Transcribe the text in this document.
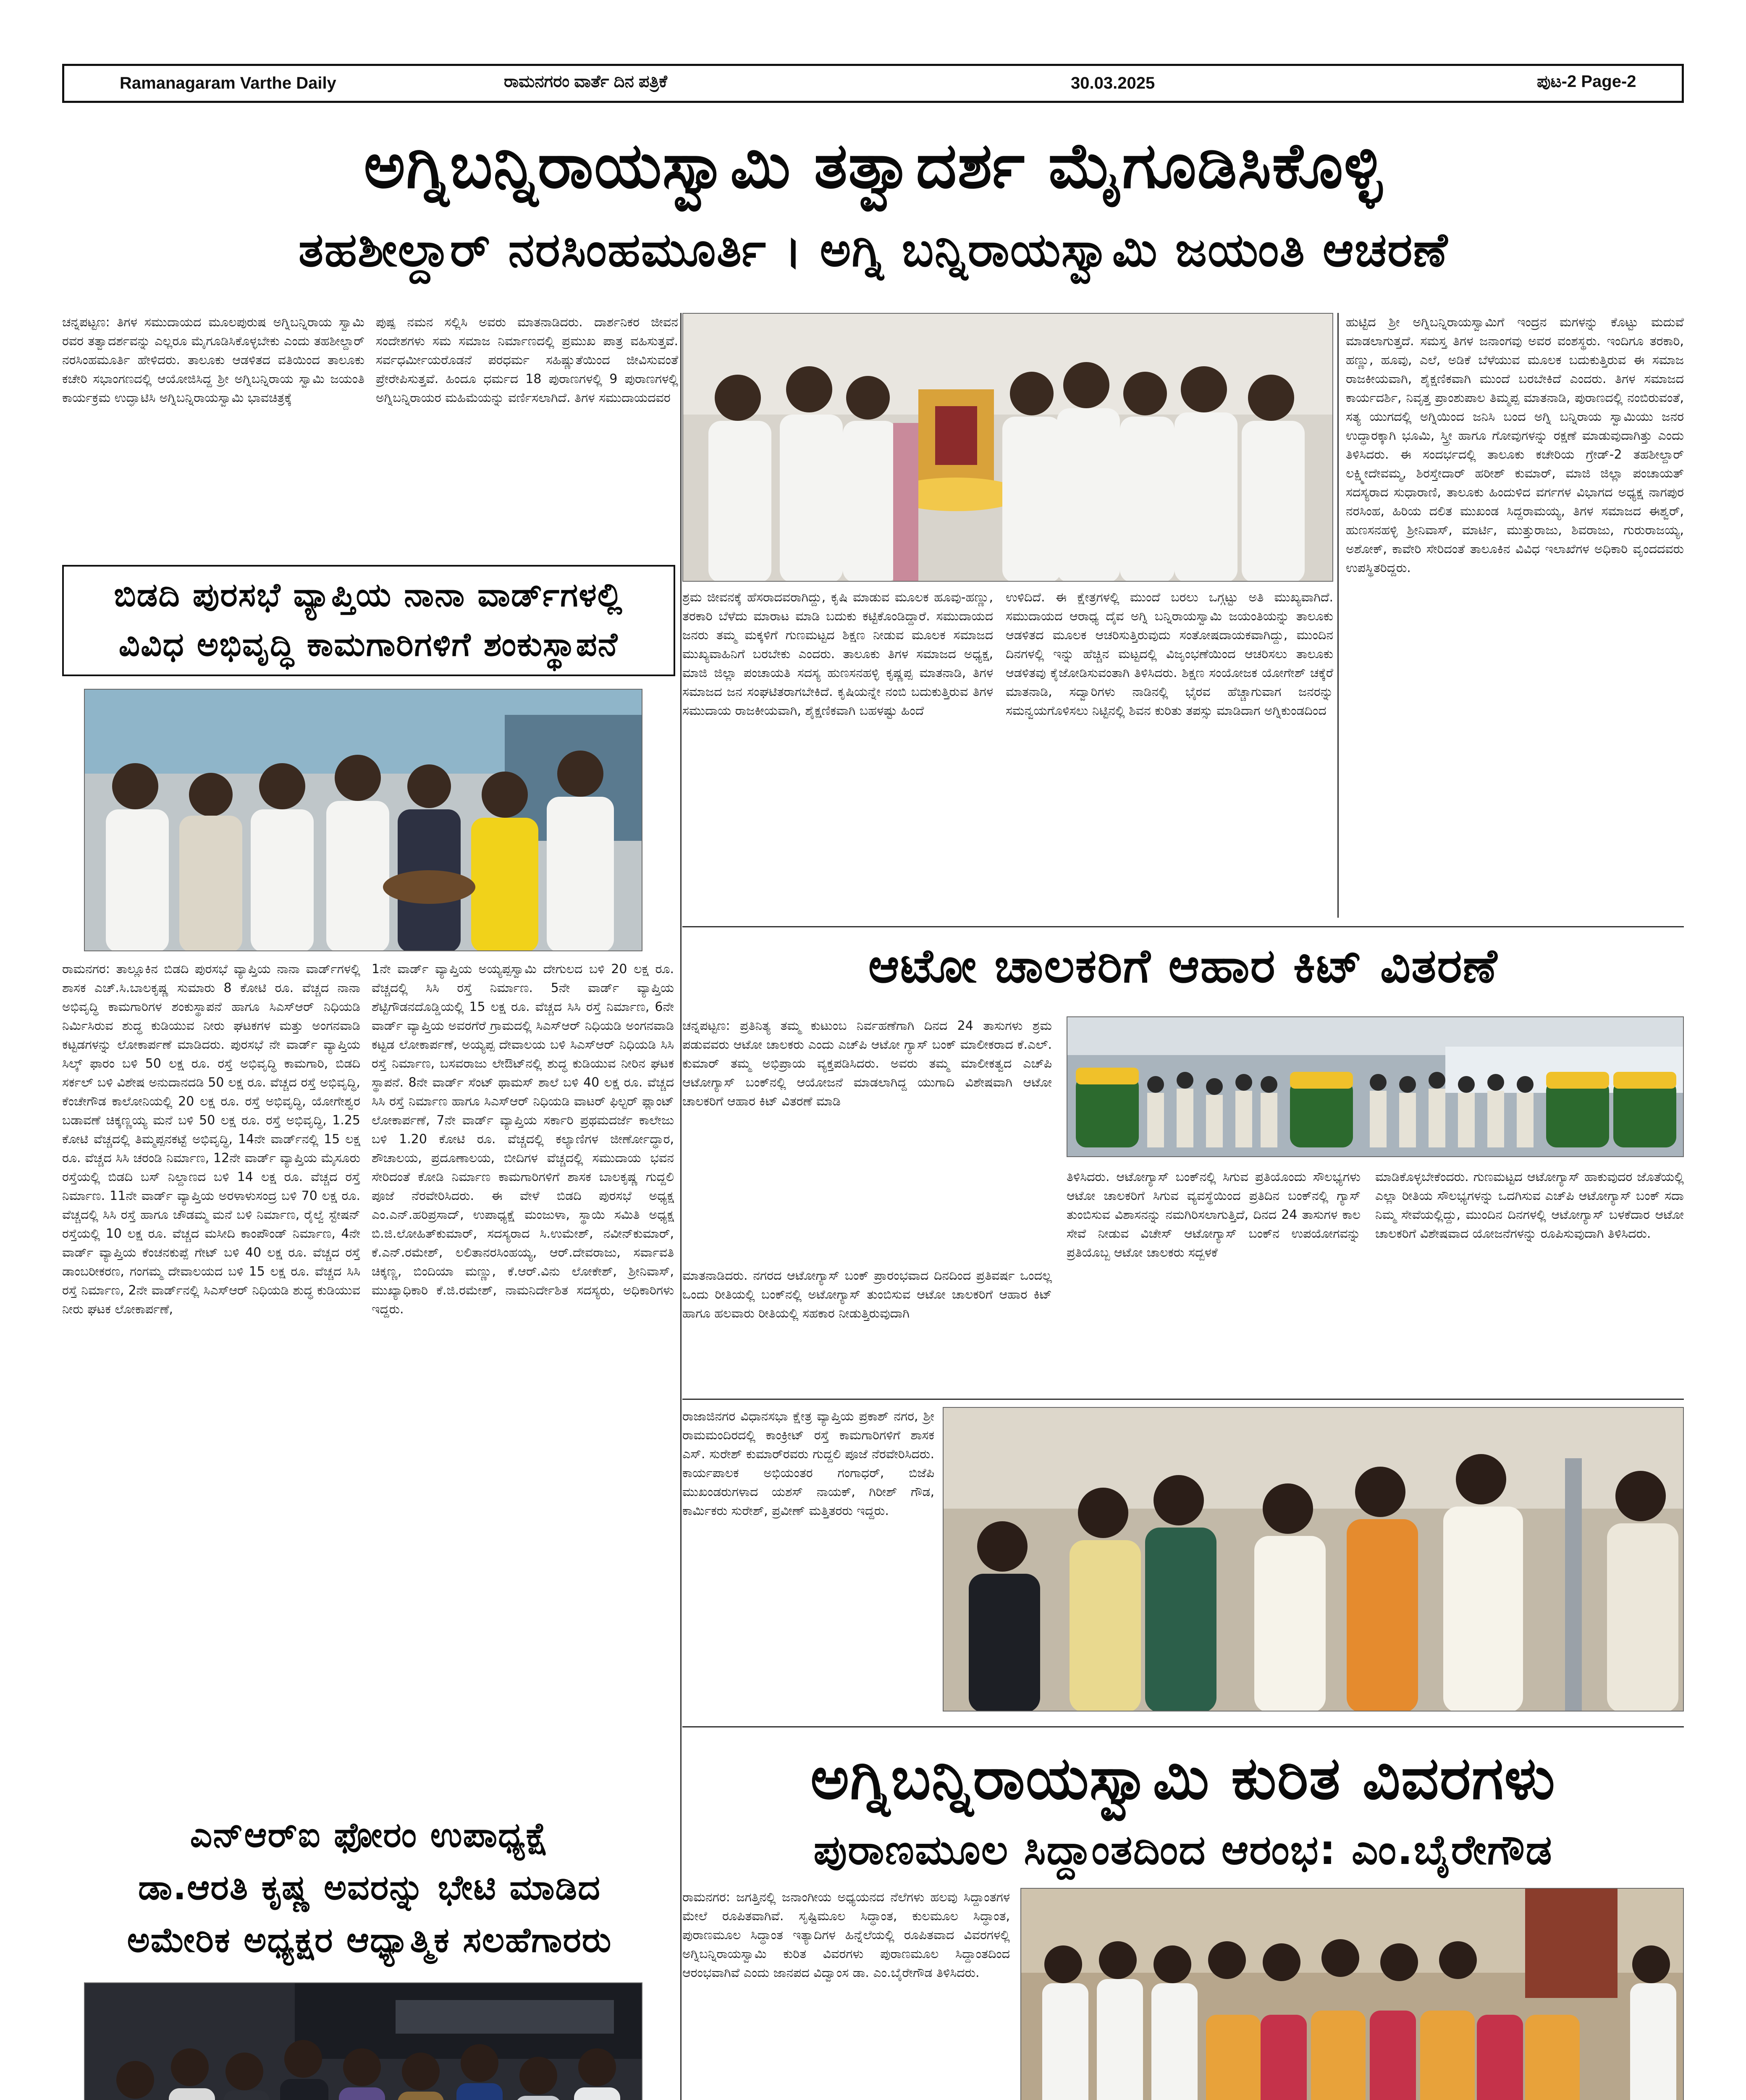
Ramanagaram Varthe Daily	ರಾಮನಗರಂ ವಾರ್ತೆ ದಿನ ಪತ್ರಿಕೆ	30.03.2025	ಪುಟ-2 Page-2
ಅಗ್ನಿಬನ್ನಿರಾಯಸ್ವಾಮಿ ತತ್ವಾದರ್ಶ ಮೈಗೂಡಿಸಿಕೊಳ್ಳಿ
ತಹಶೀಲ್ದಾರ್ ನರಸಿಂಹಮೂರ್ತಿ । ಅಗ್ನಿ ಬನ್ನಿರಾಯಸ್ವಾಮಿ ಜಯಂತಿ ಆಚರಣೆ
ಚನ್ನಪಟ್ಟಣ: ತಿಗಳ ಸಮುದಾಯದ ಮೂಲಪುರುಷ ಅಗ್ನಿಬನ್ನಿರಾಯ ಸ್ವಾಮಿ ರವರ ತತ್ವಾದರ್ಶವನ್ನು ಎಲ್ಲರೂ ಮೈಗೂಡಿಸಿಕೊಳ್ಳಬೇಕು ಎಂದು ತಹಶೀಲ್ದಾರ್ ನರಸಿಂಹಮೂರ್ತಿ ಹೇಳಿದರು. ತಾಲೂಕು ಆಡಳಿತದ ವತಿಯಿಂದ ತಾಲೂಕು ಕಚೇರಿ ಸಭಾಂಗಣದಲ್ಲಿ ಆಯೋಜಿಸಿದ್ದ ಶ್ರೀ ಅಗ್ನಿಬನ್ನಿರಾಯ ಸ್ವಾಮಿ ಜಯಂತಿ ಕಾರ್ಯಕ್ರಮ ಉದ್ಘಾಟಿಸಿ ಅಗ್ನಿಬನ್ನಿರಾಯಸ್ವಾಮಿ ಭಾವಚಿತ್ರಕ್ಕೆ
ಪುಷ್ಪ ನಮನ ಸಲ್ಲಿಸಿ ಅವರು ಮಾತನಾಡಿದರು. ದಾರ್ಶನಿಕರ ಜೀವನ ಸಂದೇಶಗಳು ಸಮ ಸಮಾಜ ನಿರ್ಮಾಣದಲ್ಲಿ ಪ್ರಮುಖ ಪಾತ್ರ ವಹಿಸುತ್ತವೆ. ಸರ್ವಧರ್ಮೀಯರೊಡನೆ ಪರಧರ್ಮ ಸಹಿಷ್ಣುತೆಯಿಂದ ಜೀವಿಸುವಂತೆ ಪ್ರೇರೇಪಿಸುತ್ತವೆ. ಹಿಂದೂ ಧರ್ಮದ 18 ಪುರಾಣಗಳಲ್ಲಿ 9 ಪುರಾಣಗಳಲ್ಲಿ ಅಗ್ನಿಬನ್ನಿರಾಯರ ಮಹಿಮೆಯನ್ನು ವರ್ಣಿಸಲಾಗಿದೆ. ತಿಗಳ ಸಮುದಾಯದವರ
ಶ್ರಮ ಜೀವನಕ್ಕೆ ಹೆಸರಾದವರಾಗಿದ್ದು, ಕೃಷಿ ಮಾಡುವ ಮೂಲಕ ಹೂವು-ಹಣ್ಣು, ತರಕಾರಿ ಬೆಳೆದು ಮಾರಾಟ ಮಾಡಿ ಬದುಕು ಕಟ್ಟಿಕೊಂಡಿದ್ದಾರೆ. ಸಮುದಾಯದ ಜನರು ತಮ್ಮ ಮಕ್ಕಳಿಗೆ ಗುಣಮಟ್ಟದ ಶಿಕ್ಷಣ ನೀಡುವ ಮೂಲಕ ಸಮಾಜದ ಮುಖ್ಯವಾಹಿನಿಗೆ ಬರಬೇಕು ಎಂದರು. ತಾಲೂಕು ತಿಗಳ ಸಮಾಜದ ಅಧ್ಯಕ್ಷ, ಮಾಜಿ ಜಿಲ್ಲಾ ಪಂಚಾಯತಿ ಸದಸ್ಯ ಹುಣಸನಹಳ್ಳಿ ಕೃಷ್ಣಪ್ಪ ಮಾತನಾಡಿ, ತಿಗಳ ಸಮಾಜದ ಜನ ಸಂಘಟಿತರಾಗಬೇಕಿದೆ. ಕೃಷಿಯನ್ನೇ ನಂಬಿ ಬದುಕುತ್ತಿರುವ ತಿಗಳ ಸಮುದಾಯ ರಾಜಕೀಯವಾಗಿ, ಶೈಕ್ಷಣಿಕವಾಗಿ ಬಹಳಷ್ಟು ಹಿಂದೆ
ಉಳಿದಿದೆ. ಈ ಕ್ಷೇತ್ರಗಳಲ್ಲಿ ಮುಂದೆ ಬರಲು ಒಗ್ಗಟ್ಟು ಅತಿ ಮುಖ್ಯವಾಗಿದೆ. ಸಮುದಾಯದ ಆರಾಧ್ಯ ದೈವ ಅಗ್ನಿ ಬನ್ನಿರಾಯಸ್ವಾಮಿ ಜಯಂತಿಯನ್ನು ತಾಲೂಕು ಆಡಳಿತದ ಮೂಲಕ ಆಚರಿಸುತ್ತಿರುವುದು ಸಂತೋಷದಾಯಕವಾಗಿದ್ದು, ಮುಂದಿನ ದಿನಗಳಲ್ಲಿ ಇನ್ನು ಹೆಚ್ಚಿನ ಮಟ್ಟದಲ್ಲಿ ವಿಜೃಂಭಣೆಯಿಂದ ಆಚರಿಸಲು ತಾಲೂಕು ಆಡಳಿತವು ಕೈಜೋಡಿಸುವಂತಾಗಿ ತಿಳಿಸಿದರು. ಶಿಕ್ಷಣ ಸಂಯೋಜಕ ಯೋಗೇಶ್ ಚಕ್ಕೆರೆ ಮಾತನಾಡಿ, ಸದ್ವಾರಿಗಳು ನಾಡಿನಲ್ಲಿ ಭೈರವ ಹೆಚ್ಚಾಗುವಾಗ ಜನರನ್ನು ಸಮನ್ವಯಗೊಳಿಸಲು ನಿಟ್ಟಿನಲ್ಲಿ ಶಿವನ ಕುರಿತು ತಪಸ್ಸು ಮಾಡಿದಾಗ ಅಗ್ನಿಕುಂಡದಿಂದ
ಹುಟ್ಟಿದ ಶ್ರೀ ಅಗ್ನಿಬನ್ನಿರಾಯಸ್ವಾಮಿಗೆ ಇಂದ್ರನ ಮಗಳನ್ನು ಕೊಟ್ಟು ಮದುವೆ ಮಾಡಲಾಗುತ್ತದೆ. ಸಮಸ್ತ ತಿಗಳ ಜನಾಂಗವು ಅವರ ವಂಶಸ್ಥರು. ಇಂದಿಗೂ ತರಕಾರಿ, ಹಣ್ಣು, ಹೂವು, ಎಲೆ, ಅಡಿಕೆ ಬೆಳೆಯುವ ಮೂಲಕ ಬದುಕುತ್ತಿರುವ ಈ ಸಮಾಜ ರಾಜಕೀಯವಾಗಿ, ಶೈಕ್ಷಣಿಕವಾಗಿ ಮುಂದೆ ಬರಬೇಕಿದೆ ಎಂದರು. ತಿಗಳ ಸಮಾಜದ ಕಾರ್ಯದರ್ಶಿ, ನಿವೃತ್ತ ಪ್ರಾಂಶುಪಾಲ ತಿಮ್ಮಪ್ಪ ಮಾತನಾಡಿ, ಪುರಾಣದಲ್ಲಿ ನಂಬಿರುವಂತೆ, ಸತ್ಯ ಯುಗದಲ್ಲಿ ಅಗ್ನಿಯಿಂದ ಜನಿಸಿ ಬಂದ ಅಗ್ನಿ ಬನ್ನಿರಾಯ ಸ್ವಾಮಿಯು ಜನರ ಉದ್ಧಾರಕ್ಕಾಗಿ ಭೂಮಿ, ಸ್ತ್ರೀ ಹಾಗೂ ಗೋವುಗಳನ್ನು ರಕ್ಷಣೆ ಮಾಡುವುದಾಗಿತ್ತು ಎಂದು ತಿಳಿಸಿದರು. ಈ ಸಂದರ್ಭದಲ್ಲಿ ತಾಲೂಕು ಕಚೇರಿಯ ಗ್ರೇಡ್-2 ತಹಶೀಲ್ದಾರ್ ಲಕ್ಷ್ಮೀದೇವಮ್ಮ, ಶಿರಸ್ತೇದಾರ್ ಹರೀಶ್ ಕುಮಾರ್, ಮಾಜಿ ಜಿಲ್ಲಾ ಪಂಚಾಯತ್ ಸದಸ್ಯರಾದ ಸುಧಾರಾಣಿ, ತಾಲೂಕು ಹಿಂದುಳಿದ ವರ್ಗಗಳ ವಿಭಾಗದ ಅಧ್ಯಕ್ಷ ನಾಗಪುರ ನರಸಿಂಹ, ಹಿರಿಯ ದಲಿತ ಮುಖಂಡ ಸಿದ್ದರಾಮಯ್ಯ, ತಿಗಳ ಸಮಾಜದ ಈಶ್ವರ್, ಹುಣಸನಹಳ್ಳಿ ಶ್ರೀನಿವಾಸ್, ಮಾರ್ಟಿ, ಮುತ್ತುರಾಜು, ಶಿವರಾಜು, ಗುರುರಾಜಯ್ಯ, ಅಶೋಕ್, ಕಾವೇರಿ ಸೇರಿದಂತೆ ತಾಲೂಕಿನ ವಿವಿಧ ಇಲಾಖೆಗಳ ಅಧಿಕಾರಿ ವೃಂದದವರು ಉಪಸ್ಥಿತರಿದ್ದರು.
ಬಿಡದಿ ಪುರಸಭೆ ವ್ಯಾಪ್ತಿಯ ನಾನಾ ವಾರ್ಡ್‌ಗಳಲ್ಲಿ
ವಿವಿಧ ಅಭಿವೃದ್ಧಿ ಕಾಮಗಾರಿಗಳಿಗೆ ಶಂಕುಸ್ಥಾಪನೆ
ರಾಮನಗರ: ತಾಲ್ಲೂಕಿನ ಬಿಡದಿ ಪುರಸಭೆ ವ್ಯಾಪ್ತಿಯ ನಾನಾ ವಾರ್ಡ್‌ಗಳಲ್ಲಿ ಶಾಸಕ ಎಚ್.ಸಿ.ಬಾಲಕೃಷ್ಣ ಸುಮಾರು 8 ಕೋಟಿ ರೂ. ವೆಚ್ಚದ ನಾನಾ ಅಭಿವೃದ್ಧಿ ಕಾಮಗಾರಿಗಳ ಶಂಕುಸ್ಥಾಪನೆ ಹಾಗೂ ಸಿಎಸ್‌ಆರ್ ನಿಧಿಯಡಿ ನಿರ್ಮಿಸಿರುವ ಶುದ್ಧ ಕುಡಿಯುವ ನೀರು ಘಟಕಗಳ ಮತ್ತು ಅಂಗನವಾಡಿ ಕಟ್ಟಡಗಳನ್ನು ಲೋಕಾರ್ಪಣೆ ಮಾಡಿದರು. ಪುರಸಭೆ ನೇ ವಾರ್ಡ್ ವ್ಯಾಪ್ತಿಯ ಸಿಲ್ಕ್ ಫಾರಂ ಬಳಿ 50 ಲಕ್ಷ ರೂ. ರಸ್ತೆ ಅಭಿವೃದ್ಧಿ ಕಾಮಗಾರಿ, ಬಿಡದಿ ಸರ್ಕಲ್ ಬಳಿ ವಿಶೇಷ ಅನುದಾನದಡಿ 50 ಲಕ್ಷ ರೂ. ವೆಚ್ಚದ ರಸ್ತೆ ಅಭಿವೃದ್ಧಿ, ಕೆಂಚೇಗೌಡ ಕಾಲೋನಿಯಲ್ಲಿ 20 ಲಕ್ಷ ರೂ. ರಸ್ತೆ ಅಭಿವೃದ್ಧಿ, ಯೋಗೇಶ್ವರ ಬಡಾವಣೆ ಚಿಕ್ಕಣ್ಣಯ್ಯ ಮನೆ ಬಳಿ 50 ಲಕ್ಷ ರೂ. ರಸ್ತೆ ಅಭಿವೃದ್ಧಿ, 1.25 ಕೋಟಿ ವೆಚ್ಚದಲ್ಲಿ ತಿಮ್ಮಪ್ಪನಕಟ್ಟೆ ಅಭಿವೃದ್ಧಿ, 14ನೇ ವಾರ್ಡ್‌ನಲ್ಲಿ 15 ಲಕ್ಷ ರೂ. ವೆಚ್ಚದ ಸಿಸಿ ಚರಂಡಿ ನಿರ್ಮಾಣ, 12ನೇ ವಾರ್ಡ್ ವ್ಯಾಪ್ತಿಯ ಮೈಸೂರು ರಸ್ತೆಯಲ್ಲಿ ಬಿಡದಿ ಬಸ್ ನಿಲ್ದಾಣದ ಬಳಿ 14 ಲಕ್ಷ ರೂ. ವೆಚ್ಚದ ರಸ್ತೆ ನಿರ್ಮಾಣ. 11ನೇ ವಾರ್ಡ್ ವ್ಯಾಪ್ತಿಯ ಅರಳಾಳುಸಂದ್ರ ಬಳಿ 70 ಲಕ್ಷ ರೂ. ವೆಚ್ಚದಲ್ಲಿ ಸಿಸಿ ರಸ್ತೆ ಹಾಗೂ ಚೌಡಮ್ಮ ಮನೆ ಬಳಿ ನಿರ್ಮಾಣ, ರೈಲ್ವೆ ಸ್ಟೇಷನ್ ರಸ್ತೆಯಲ್ಲಿ 10 ಲಕ್ಷ ರೂ. ವೆಚ್ಚದ ಮಸೀದಿ ಕಾಂಪೌಂಡ್ ನಿರ್ಮಾಣ, 4ನೇ ವಾರ್ಡ್ ವ್ಯಾಪ್ತಿಯ ಕೆಂಚನಕುಪ್ಪೆ ಗೇಟ್ ಬಳಿ 40 ಲಕ್ಷ ರೂ. ವೆಚ್ಚದ ರಸ್ತೆ ಡಾಂಬರೀಕರಣ, ಗಂಗಮ್ಮ ದೇವಾಲಯದ ಬಳಿ 15 ಲಕ್ಷ ರೂ. ವೆಚ್ಚದ ಸಿಸಿ ರಸ್ತೆ ನಿರ್ಮಾಣ, 2ನೇ ವಾರ್ಡ್‌ನಲ್ಲಿ ಸಿಎಸ್‌ಆರ್ ನಿಧಿಯಡಿ ಶುದ್ಧ ಕುಡಿಯುವ ನೀರು ಘಟಕ ಲೋಕಾರ್ಪಣೆ,
1ನೇ ವಾರ್ಡ್ ವ್ಯಾಪ್ತಿಯ ಅಯ್ಯಪ್ಪಸ್ವಾಮಿ ದೇಗುಲದ ಬಳಿ 20 ಲಕ್ಷ ರೂ. ವೆಚ್ಚದಲ್ಲಿ ಸಿಸಿ ರಸ್ತೆ ನಿರ್ಮಾಣ. 5ನೇ ವಾರ್ಡ್ ವ್ಯಾಪ್ತಿಯ ಶೆಟ್ಟಿಗೌಡನದೊಡ್ಡಿಯಲ್ಲಿ 15 ಲಕ್ಷ ರೂ. ವೆಚ್ಚದ ಸಿಸಿ ರಸ್ತೆ ನಿರ್ಮಾಣ, 6ನೇ ವಾರ್ಡ್ ವ್ಯಾಪ್ತಿಯ ಅವರಗೆರೆ ಗ್ರಾಮದಲ್ಲಿ ಸಿಎಸ್‌ಆರ್ ನಿಧಿಯಡಿ ಅಂಗನವಾಡಿ ಕಟ್ಟಡ ಲೋಕಾರ್ಪಣೆ, ಅಯ್ಯಪ್ಪ ದೇವಾಲಯ ಬಳಿ ಸಿಎಸ್‌ಆರ್ ನಿಧಿಯಡಿ ಸಿಸಿ ರಸ್ತೆ ನಿರ್ಮಾಣ, ಬಸವರಾಜು ಲೇಔಟ್‌ನಲ್ಲಿ ಶುದ್ಧ ಕುಡಿಯುವ ನೀರಿನ ಘಟಕ ಸ್ಥಾಪನೆ. 8ನೇ ವಾರ್ಡ್ ಸೆಂಟ್ ಥಾಮಸ್ ಶಾಲೆ ಬಳಿ 40 ಲಕ್ಷ ರೂ. ವೆಚ್ಚದ ಸಿಸಿ ರಸ್ತೆ ನಿರ್ಮಾಣ ಹಾಗೂ ಸಿಎಸ್‌ಆರ್ ನಿಧಿಯಡಿ ವಾಟರ್ ಫಿಲ್ಟರ್ ಪ್ಲಾಂಟ್ ಲೋಕಾರ್ಪಣೆ, 7ನೇ ವಾರ್ಡ್ ವ್ಯಾಪ್ತಿಯ ಸರ್ಕಾರಿ ಪ್ರಥಮದರ್ಜೆ ಕಾಲೇಜು ಬಳಿ 1.20 ಕೋಟಿ ರೂ. ವೆಚ್ಚದಲ್ಲಿ ಕಲ್ಯಾಣಿಗಳ ಜೀರ್ಣೋದ್ಧಾರ, ಶೌಚಾಲಯ, ಪ್ರದೂಣಾಲಯ, ಬೀದಿಗಳ ವೆಚ್ಚದಲ್ಲಿ ಸಮುದಾಯ ಭವನ ಸೇರಿದಂತೆ ಕೋಡಿ ನಿರ್ಮಾಣ ಕಾಮಗಾರಿಗಳಿಗೆ ಶಾಸಕ ಬಾಲಕೃಷ್ಣ ಗುದ್ದಲಿ ಪೂಜೆ ನೆರವೇರಿಸಿದರು. ಈ ವೇಳೆ ಬಿಡದಿ ಪುರಸಭೆ ಅಧ್ಯಕ್ಷ ಎಂ.ಎನ್.ಹರಿಪ್ರಸಾದ್, ಉಪಾಧ್ಯಕ್ಷೆ ಮಂಜುಳಾ, ಸ್ಥಾಯಿ ಸಮಿತಿ ಅಧ್ಯಕ್ಷ ಬಿ.ಜಿ.ಲೋಹಿತ್‌ಕುಮಾರ್, ಸದಸ್ಯರಾದ ಸಿ.ಉಮೇಶ್, ನವೀನ್‌ಕುಮಾರ್, ಕೆ.ಎನ್.ರಮೇಶ್, ಲಲಿತಾನರಸಿಂಹಯ್ಯ, ಆರ್.ದೇವರಾಜು, ಸರ್ವಾವತಿ ಚಿಕ್ಕಣ್ಣ, ಬಿಂದಿಯಾ ಮಣ್ಣು, ಕೆ.ಆರ್.ವಿನು ಲೋಕೇಶ್, ಶ್ರೀನಿವಾಸ್, ಮುಖ್ಯಾಧಿಕಾರಿ ಕೆ.ಜಿ.ರಮೇಶ್, ನಾಮನಿರ್ದೇಶಿತ ಸದಸ್ಯರು, ಅಧಿಕಾರಿಗಳು ಇದ್ದರು.
ಎನ್‌ಆರ್‌ಐ ಫೋರಂ ಉಪಾಧ್ಯಕ್ಷೆ
ಡಾ.ಆರತಿ ಕೃಷ್ಣ ಅವರನ್ನು ಭೇಟಿ ಮಾಡಿದ
ಅಮೇರಿಕ ಅಧ್ಯಕ್ಷರ ಆಧ್ಯಾತ್ಮಿಕ ಸಲಹೆಗಾರರು
ಆಟೋ ಚಾಲಕರಿಗೆ ಆಹಾರ ಕಿಟ್ ವಿತರಣೆ
ಚನ್ನಪಟ್ಟಣ: ಪ್ರತಿನಿತ್ಯ ತಮ್ಮ ಕುಟುಂಬ ನಿರ್ವಹಣೆಗಾಗಿ ದಿನದ 24 ತಾಸುಗಳು ಶ್ರಮ ಪಡುವವರು ಆಟೋ ಚಾಲಕರು ಎಂದು ಎಚ್‌ಪಿ ಆಟೋ ಗ್ಯಾಸ್ ಬಂಕ್ ಮಾಲೀಕರಾದ ಕೆ.ಎಲ್. ಕುಮಾರ್ ತಮ್ಮ ಅಭಿಪ್ರಾಯ ವ್ಯಕ್ತಪಡಿಸಿದರು. ಅವರು ತಮ್ಮ ಮಾಲೀಕತ್ವದ ಎಚ್‌ಪಿ ಆಟೋಗ್ಯಾಸ್ ಬಂಕ್‌ನಲ್ಲಿ ಆಯೋಜನೆ ಮಾಡಲಾಗಿದ್ದ ಯುಗಾದಿ ವಿಶೇಷವಾಗಿ ಆಟೋ ಚಾಲಕರಿಗೆ ಆಹಾರ ಕಿಟ್ ವಿತರಣೆ ಮಾಡಿ
ಮಾತನಾಡಿದರು. ನಗರದ ಆಟೋಗ್ಯಾಸ್ ಬಂಕ್ ಪ್ರಾರಂಭವಾದ ದಿನದಿಂದ ಪ್ರತಿವರ್ಷ ಒಂದಲ್ಲ ಒಂದು ರೀತಿಯಲ್ಲಿ ಬಂಕ್‌ನಲ್ಲಿ ಅಟೋಗ್ಯಾಸ್ ತುಂಬಿಸುವ ಆಟೋ ಚಾಲಕರಿಗೆ ಆಹಾರ ಕಿಟ್ ಹಾಗೂ ಹಲವಾರು ರೀತಿಯಲ್ಲಿ ಸಹಕಾರ ನೀಡುತ್ತಿರುವುದಾಗಿ
ತಿಳಿಸಿದರು. ಆಟೋಗ್ಯಾಸ್ ಬಂಕ್‌ನಲ್ಲಿ ಸಿಗುವ ಪ್ರತಿಯೊಂದು ಸೌಲಭ್ಯಗಳು ಆಟೋ ಚಾಲಕರಿಗೆ ಸಿಗುವ ವ್ಯವಸ್ಥೆಯಿಂದ ಪ್ರತಿದಿನ ಬಂಕ್‌ನಲ್ಲಿ ಗ್ಯಾಸ್ ತುಂಬಿಸುವ ವಿಶಾಸನನ್ನು ನಮಗಿರಿಸಲಾಗುತ್ತಿದೆ, ದಿನದ 24 ತಾಸುಗಳ ಕಾಲ ಸೇವೆ ನೀಡುವ ವಿಚೇಸ್ ಆಟೋಗ್ಯಾಸ್ ಬಂಕ್‌ನ ಉಪಯೋಗವನ್ನು ಪ್ರತಿಯೊಬ್ಬ ಆಟೋ ಚಾಲಕರು ಸದ್ಬಳಕೆ
ಮಾಡಿಕೊಳ್ಳಬೇಕೆಂದರು. ಗುಣಮಟ್ಟದ ಆಟೋಗ್ಯಾಸ್ ಹಾಕುವುದರ ಜೊತೆಯಲ್ಲಿ ಎಲ್ಲಾ ರೀತಿಯ ಸೌಲಭ್ಯಗಳನ್ನು ಒದಗಿಸುವ ಎಚ್‌ಪಿ ಆಟೋಗ್ಯಾಸ್ ಬಂಕ್ ಸದಾ ನಿಮ್ಮ ಸೇವೆಯಲ್ಲಿದ್ದು, ಮುಂದಿನ ದಿನಗಳಲ್ಲಿ ಆಟೋಗ್ಯಾಸ್ ಬಳಕೆದಾರ ಆಟೋ ಚಾಲಕರಿಗೆ ವಿಶೇಷವಾದ ಯೋಜನೆಗಳನ್ನು ರೂಪಿಸುವುದಾಗಿ ತಿಳಿಸಿದರು.
ರಾಜಾಜಿನಗರ ವಿಧಾನಸಭಾ ಕ್ಷೇತ್ರ ವ್ಯಾಪ್ತಿಯ ಪ್ರಕಾಶ್ ನಗರ, ಶ್ರೀ ರಾಮಮಂದಿರದಲ್ಲಿ ಕಾಂಕ್ರೀಟ್ ರಸ್ತೆ ಕಾಮಗಾರಿಗಳಿಗೆ ಶಾಸಕ ಎಸ್. ಸುರೇಶ್ ಕುಮಾರ್‌ರವರು ಗುದ್ದಲಿ ಪೂಜೆ ನೆರವೇರಿಸಿದರು. ಕಾರ್ಯಪಾಲಕ ಅಭಿಯಂತರ ಗಂಗಾಧರ್, ಬಿಜೆಪಿ ಮುಖಂಡರುಗಳಾದ ಯಶಸ್ ನಾಯಕ್, ಗಿರೀಶ್ ಗೌಡ, ಕಾರ್ಮಿಕರು ಸುರೇಶ್, ಪ್ರವೀಣ್ ಮತ್ತಿತರರು ಇದ್ದರು.
ಅಗ್ನಿಬನ್ನಿರಾಯಸ್ವಾಮಿ ಕುರಿತ ವಿವರಗಳು
ಪುರಾಣಮೂಲ ಸಿದ್ದಾಂತದಿಂದ ಆರಂಭ: ಎಂ.ಬೈರೇಗೌಡ
ರಾಮನಗರ: ಜಗತ್ತಿನಲ್ಲಿ ಜನಾಂಗೀಯ ಅಧ್ಯಯನದ ನೆಲೆಗಳು ಹಲವು ಸಿದ್ದಾಂತಗಳ ಮೇಲೆ ರೂಪಿತವಾಗಿವೆ. ಸೃಷ್ಟಿಮೂಲ ಸಿದ್ಧಾಂತ, ಕುಲಮೂಲ ಸಿದ್ಧಾಂತ, ಪುರಾಣಮೂಲ ಸಿದ್ಧಾಂತ ಇತ್ಯಾದಿಗಳ ಹಿನ್ನೆಲೆಯಲ್ಲಿ ರೂಪಿತವಾದ ವಿವರಗಳಲ್ಲಿ ಅಗ್ನಿಬನ್ನಿರಾಯಸ್ವಾಮಿ ಕುರಿತ ವಿವರಗಳು ಪುರಾಣಮೂಲ ಸಿದ್ದಾಂತದಿಂದ ಆರಂಭವಾಗಿವೆ ಎಂದು ಜಾನಪದ ವಿದ್ವಾಂಸ ಡಾ. ಎಂ.ಬೈರೇಗೌಡ ತಿಳಿಸಿದರು.
